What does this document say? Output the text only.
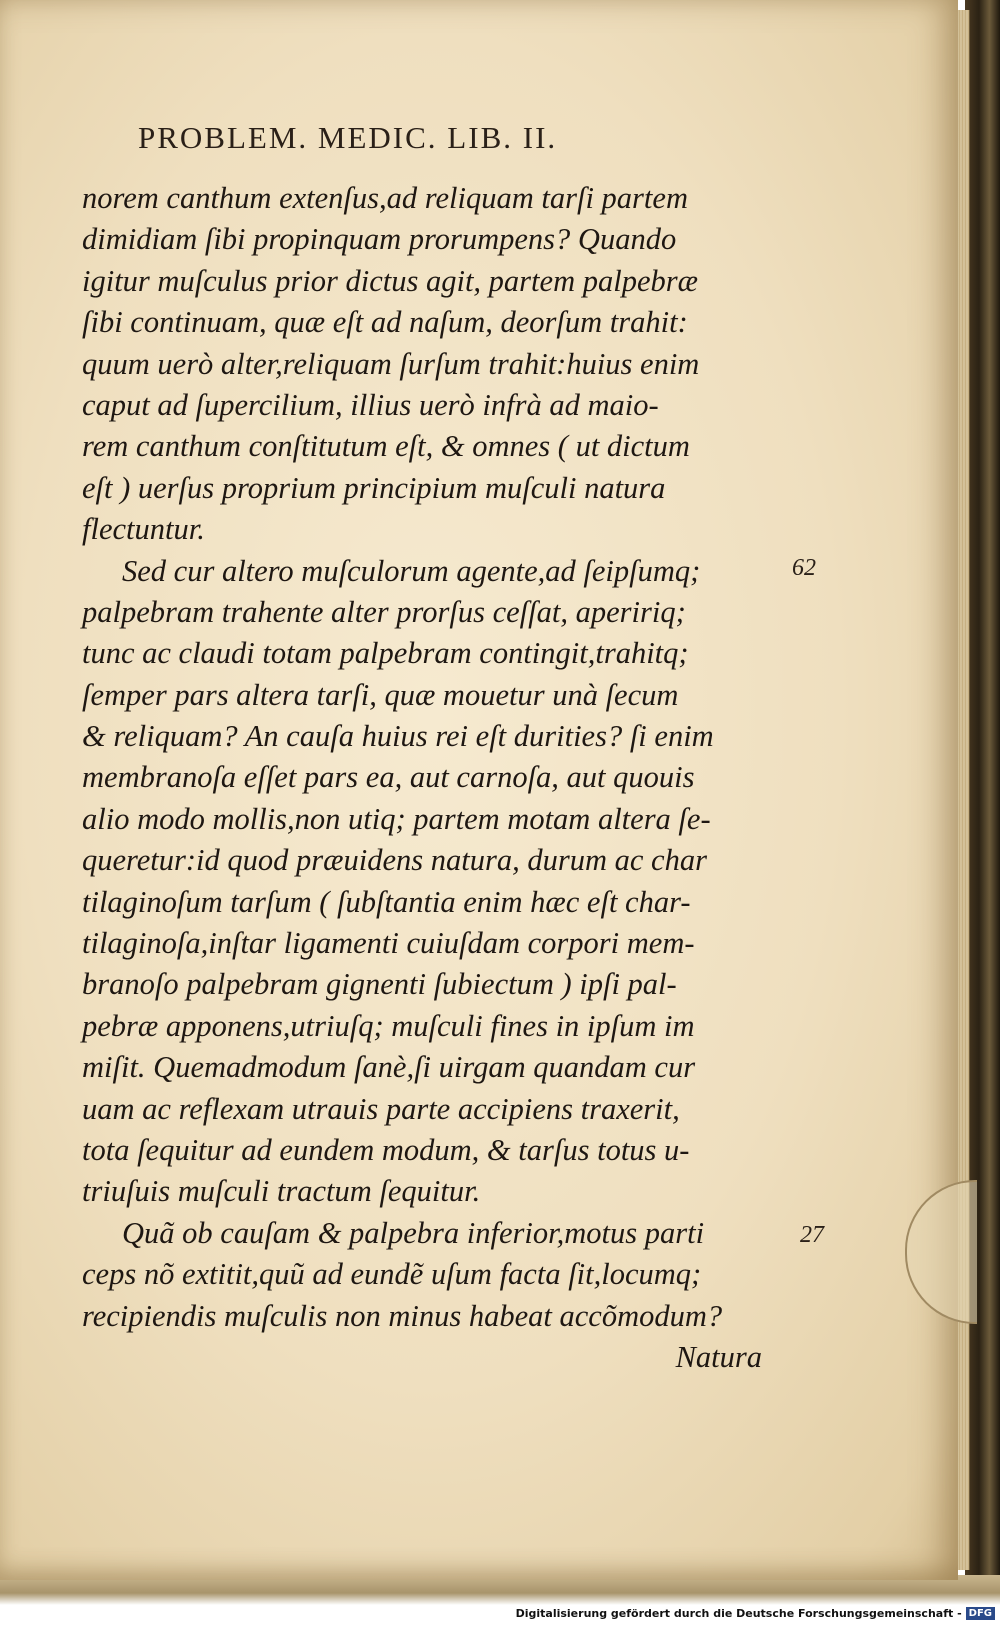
PROBLEM. MEDIC. LIB. II.
norem canthum extenſus,ad reliquam tarſi partem
dimidiam ſibi propinquam prorumpens? Quando
igitur muſculus prior dictus agit, partem palpebræ
ſibi continuam, quæ eſt ad naſum, deorſum trahit:
quum uerò alter,reliquam ſurſum trahit:huius enim
caput ad ſupercilium, illius uerò infrà ad maio-
rem canthum conſtitutum eſt, & omnes ( ut dictum
eſt ) uerſus proprium principium muſculi natura
flectuntur.
Sed cur altero muſculorum agente,ad ſeipſumq;
palpebram trahente alter prorſus ceſſat, apeririq;
tunc ac claudi totam palpebram contingit,trahitq;
ſemper pars altera tarſi, quæ mouetur unà ſecum
& reliquam? An cauſa huius rei eſt durities? ſi enim
membranoſa eſſet pars ea, aut carnoſa, aut quouis
alio modo mollis,non utiq; partem motam altera ſe-
queretur:id quod præuidens natura, durum ac char
tilaginoſum tarſum ( ſubſtantia enim hæc eſt char-
tilaginoſa,inſtar ligamenti cuiuſdam corpori mem-
branoſo palpebram gignenti ſubiectum ) ipſi pal-
pebræ apponens,utriuſq; muſculi fines in ipſum im
miſit. Quemadmodum ſanè,ſi uirgam quandam cur
uam ac reflexam utrauis parte accipiens traxerit,
tota ſequitur ad eundem modum, & tarſus totus u-
triuſuis muſculi tractum ſequitur.
Quã ob cauſam & palpebra inferior,motus parti
ceps nõ extitit,quũ ad eundẽ uſum facta ſit,locumq;
recipiendis muſculis non minus habeat accõmodum?
Natura
62
27
Digitalisierung gefördert durch die Deutsche Forschungsgemeinschaft - DFG
